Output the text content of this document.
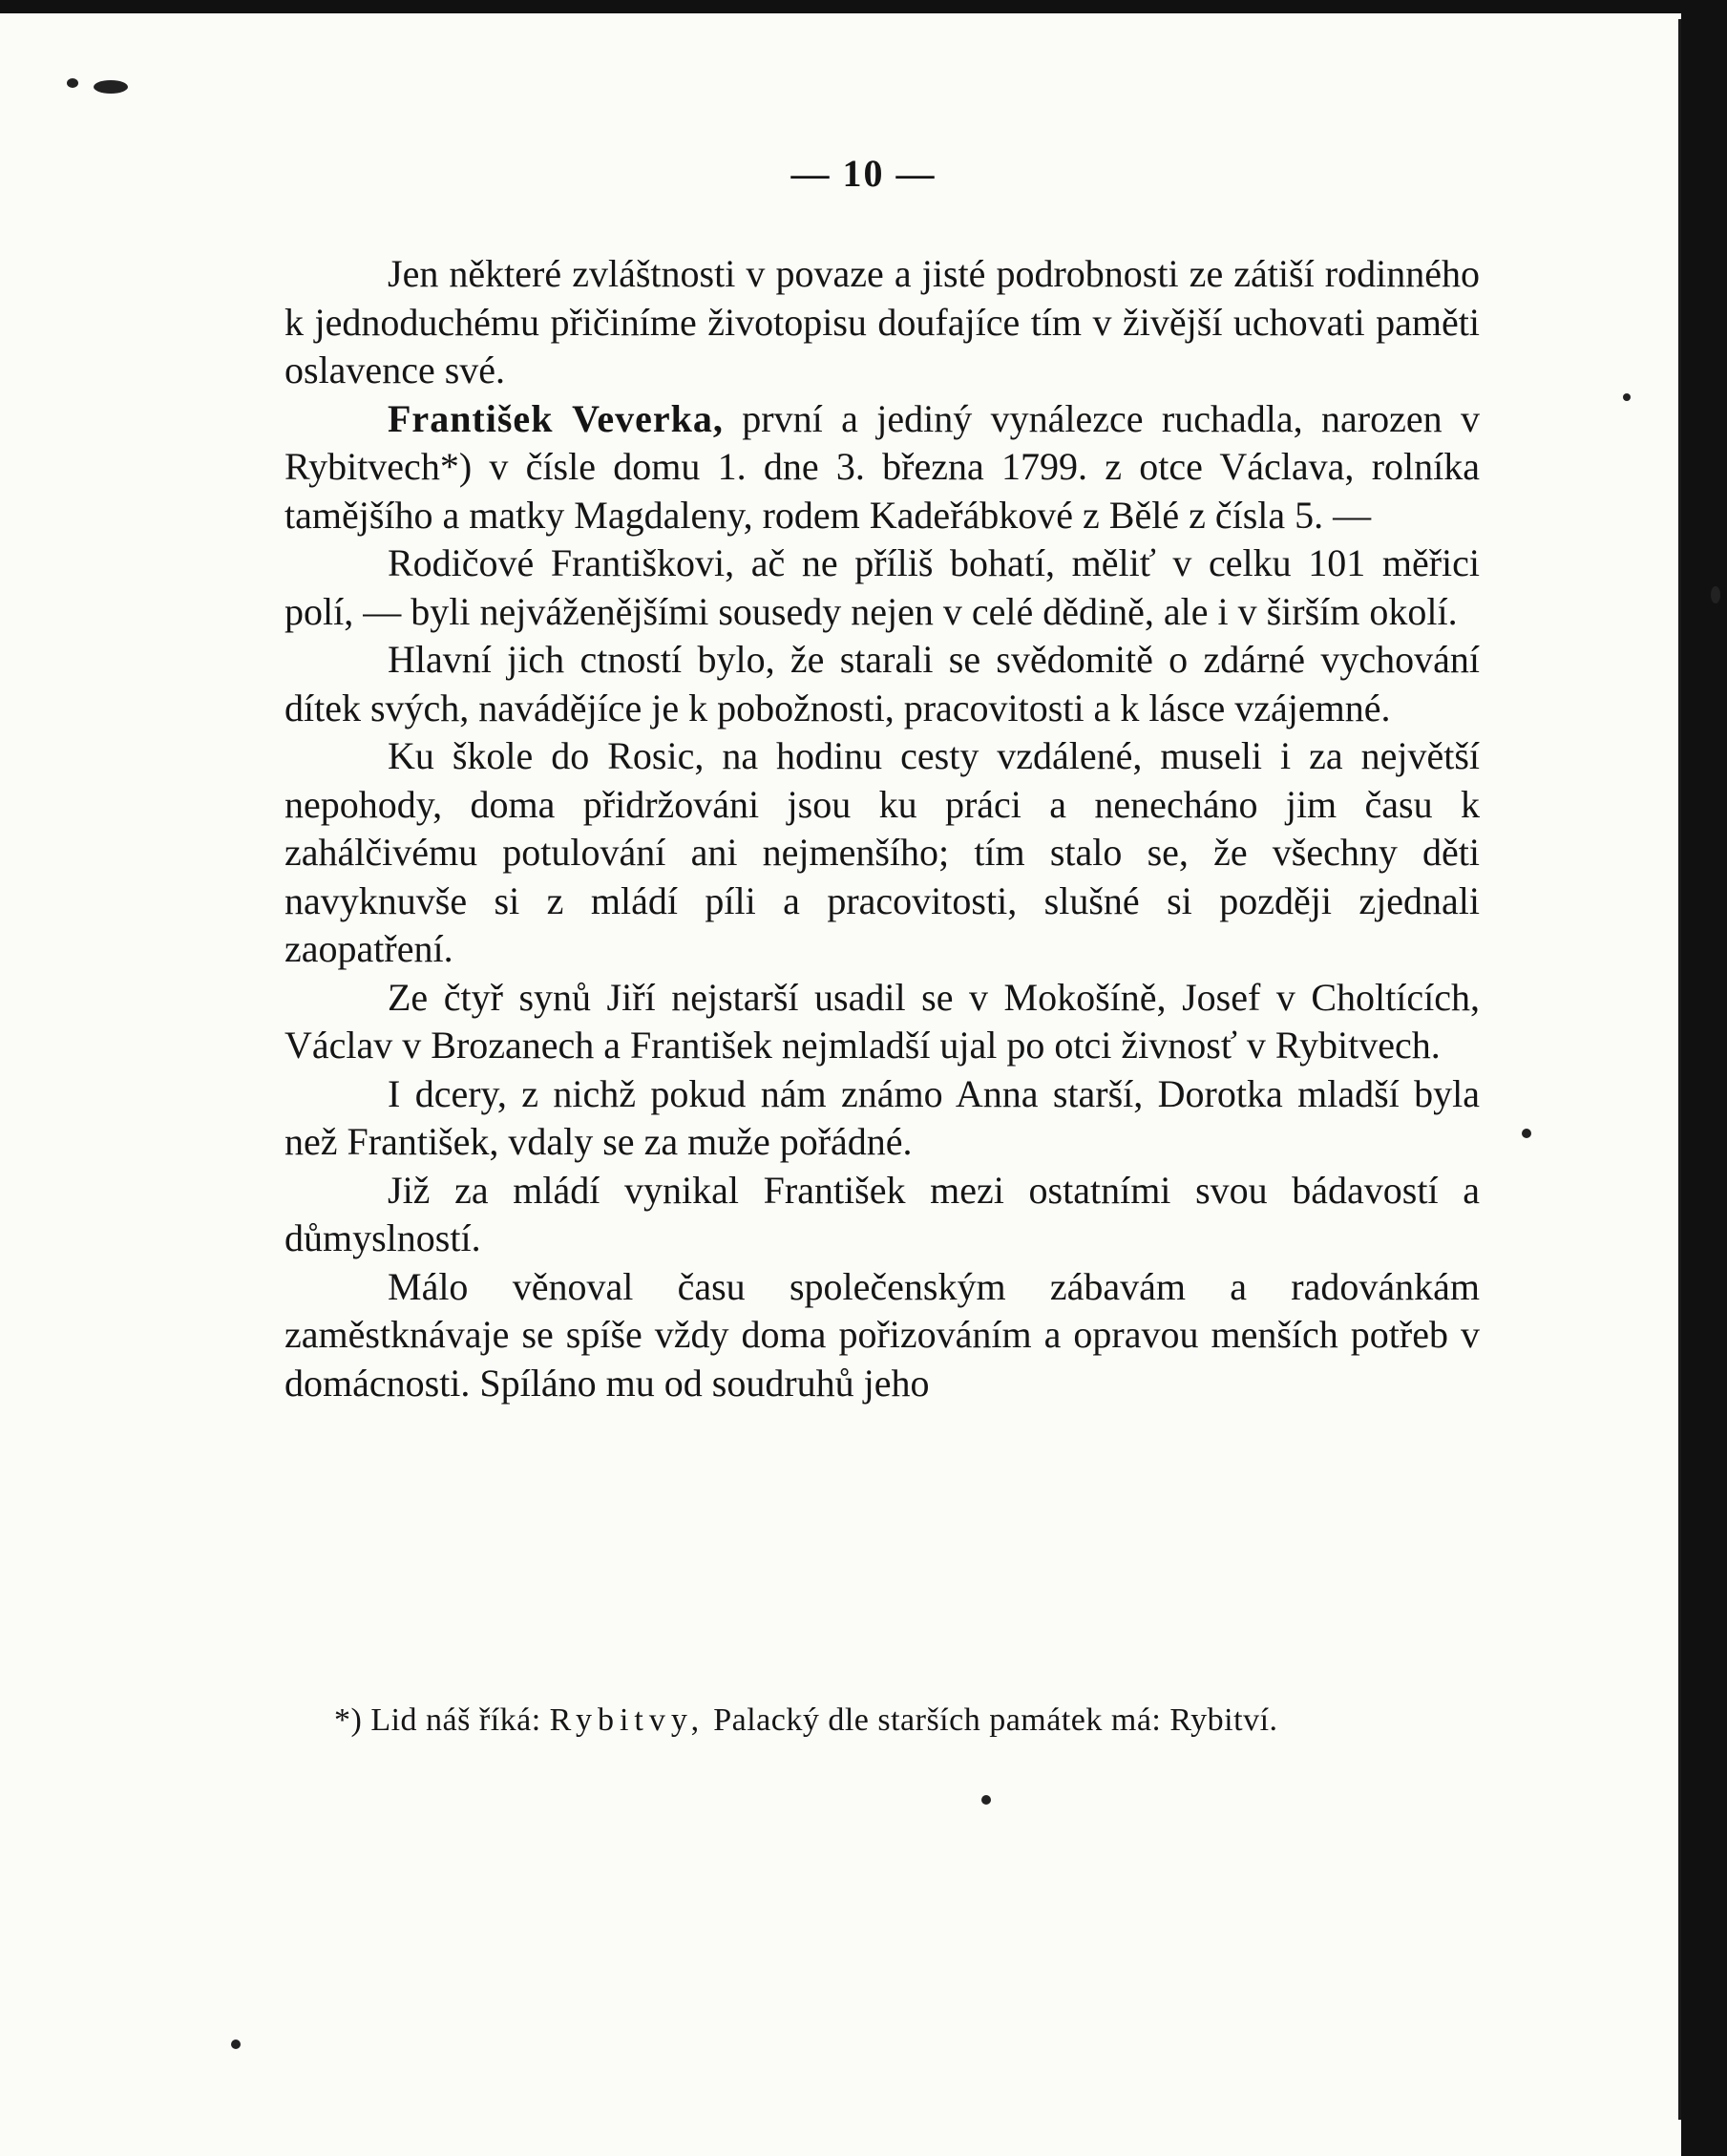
— 10 —

Jen některé zvláštnosti v povaze a jisté podrobnosti ze zátiší rodinného k jednoduchému přičiníme životopisu doufajíce tím v živější uchovati paměti oslavence své.

František Veverka, první a jediný vynálezce ruchadla, narozen v Rybitvech*) v čísle domu 1. dne 3. března 1799. z otce Václava, rolníka tamějšího a matky Magdaleny, rodem Kadeřábkové z Bělé z čísla 5. —

Rodičové Františkovi, ač ne příliš bohatí, měliť v celku 101 měřici polí, — byli nejváženějšími sousedy nejen v celé dědině, ale i v širším okolí.

Hlavní jich ctností bylo, že starali se svědomitě o zdárné vychování dítek svých, navádějíce je k pobožnosti, pracovitosti a k lásce vzájemné.

Ku škole do Rosic, na hodinu cesty vzdálené, museli i za největší nepohody, doma přidržováni jsou ku práci a nenecháno jim času k zahálčivému potulování ani nejmenšího; tím stalo se, že všechny děti navyknuvše si z mládí píli a pracovitosti, slušné si později zjednali zaopatření.

Ze čtyř synů Jiří nejstarší usadil se v Mokošíně, Josef v Choltících, Václav v Brozanech a František nejmladší ujal po otci živnosť v Rybitvech.

I dcery, z nichž pokud nám známo Anna starší, Dorotka mladší byla než František, vdaly se za muže pořádné.

Již za mládí vynikal František mezi ostatními svou bádavostí a důmyslností.

Málo věnoval času společenským zábavám a radovánkám zaměstknávaje se spíše vždy doma pořizováním a opravou menších potřeb v domácnosti. Spíláno mu od soudruhů jeho

*) Lid náš říká: Rybitvy, Palacký dle starších památek má: Rybitví.
